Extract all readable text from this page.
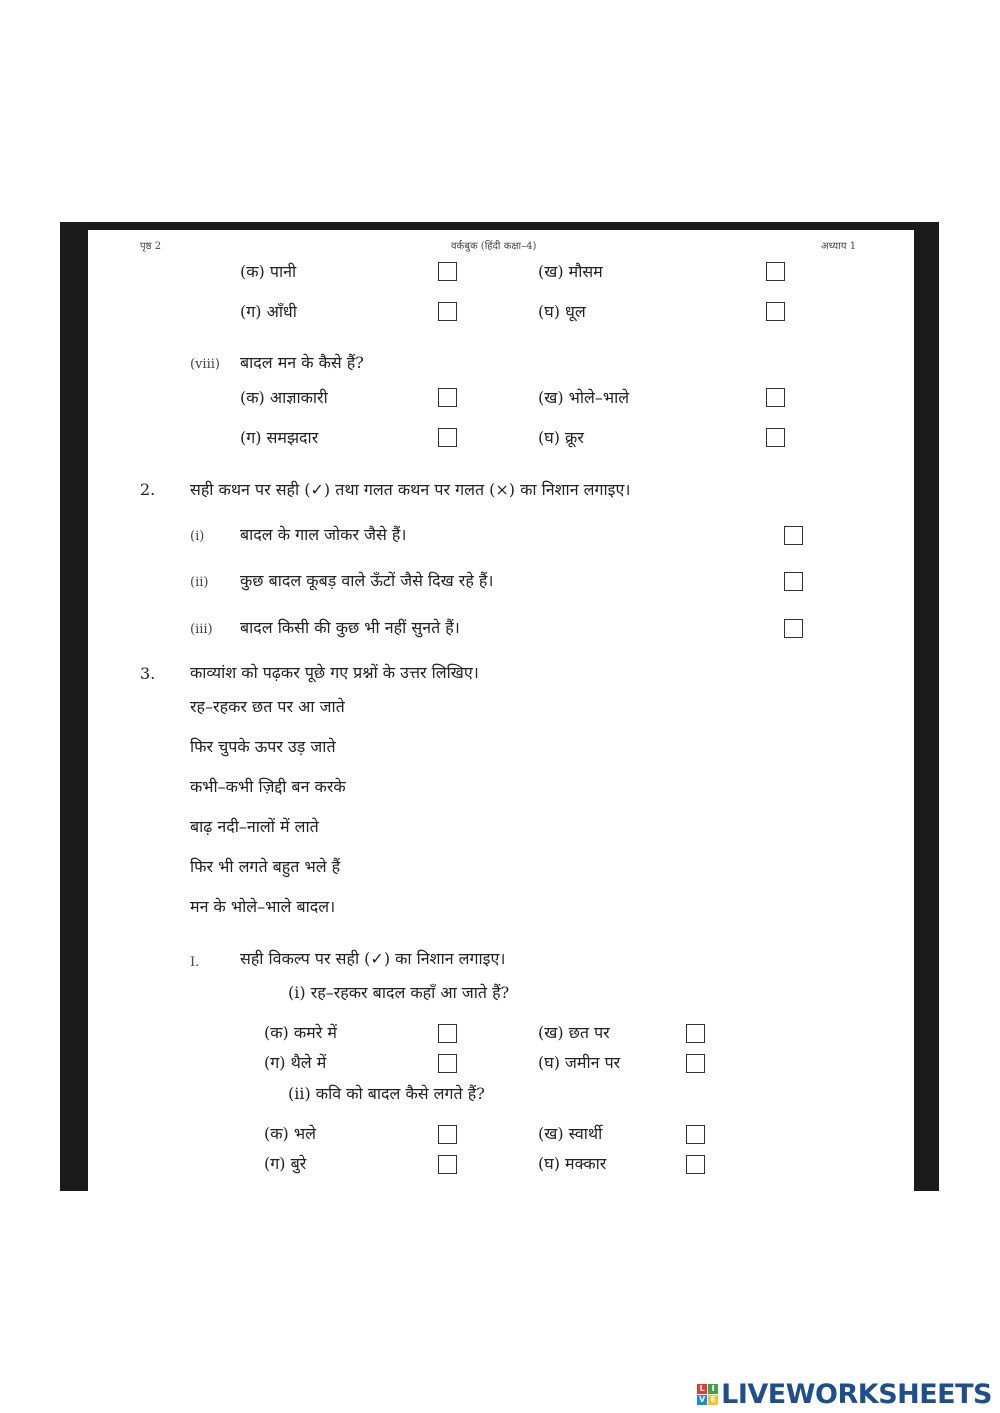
पृष्ठ 2	वर्कबुक (हिंदी कक्षा–4)	अध्याय 1
(क) पानी	(ख) मौसम
(ग) आँधी	(घ) धूल
(viii) बादल मन के कैसे हैं?
(क) आज्ञाकारी	(ख) भोले–भाले
(ग) समझदार	(घ) क्रूर
2. सही कथन पर सही (✓) तथा गलत कथन पर गलत (×) का निशान लगाइए।
(i) बादल के गाल जोकर जैसे हैं।
(ii) कुछ बादल कूबड़ वाले ऊँटों जैसे दिख रहे हैं।
(iii) बादल किसी की कुछ भी नहीं सुनते हैं।
3. काव्यांश को पढ़कर पूछे गए प्रश्नों के उत्तर लिखिए।
रह–रहकर छत पर आ जाते
फिर चुपके ऊपर उड़ जाते
कभी–कभी ज़िद्दी बन करके
बाढ़ नदी–नालों में लाते
फिर भी लगते बहुत भले हैं
मन के भोले–भाले बादल।
I.	सही विकल्प पर सही (✓) का निशान लगाइए।
(i) रह–रहकर बादल कहाँ आ जाते हैं?
(क) कमरे में	(ख) छत पर
(ग) थैले में	(घ) जमीन पर
(ii) कवि को बादल कैसे लगते हैं?
(क) भले	(ख) स्वार्थी
(ग) बुरे	(घ) मक्कार
L I
V E LIVEWORKSHEETS
